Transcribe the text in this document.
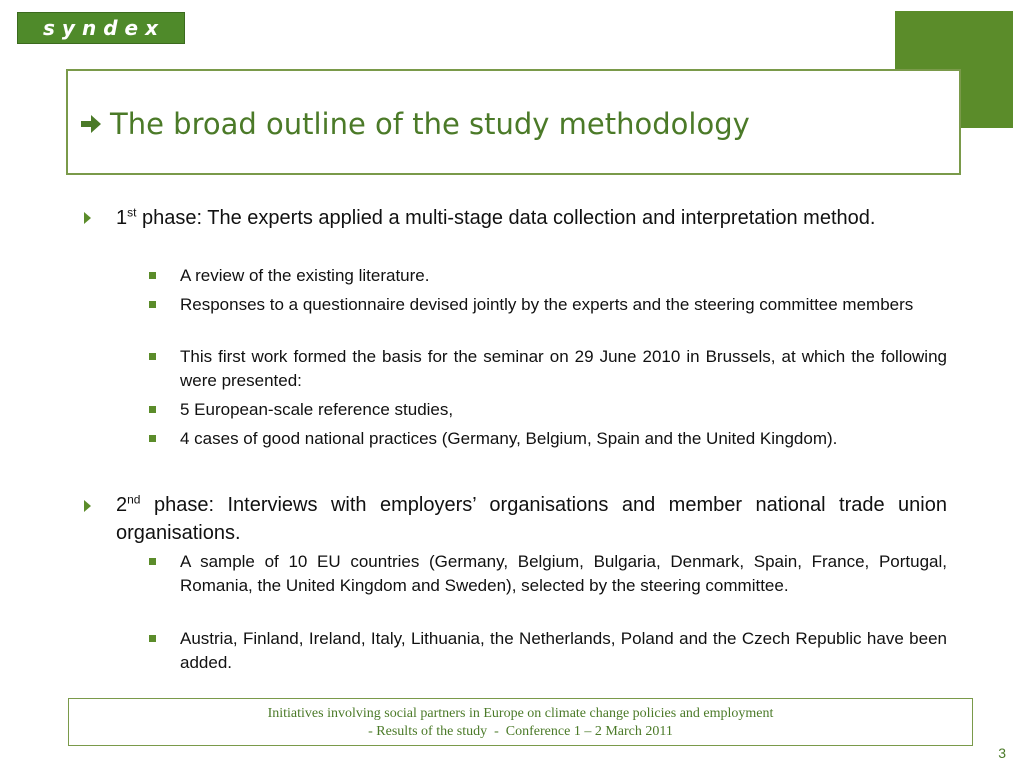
syndex
The broad outline of the study methodology
1st phase: The experts applied a multi-stage data collection and interpretation method.
A review of the existing literature.
Responses to a questionnaire devised jointly by the experts and the steering committee members
This first work formed the basis for the seminar on 29 June 2010 in Brussels, at which the following were presented:
5 European-scale reference studies,
4 cases of good national practices (Germany, Belgium, Spain and the United Kingdom).
2nd phase: Interviews with employers’ organisations and member national trade union organisations.
A sample of 10 EU countries (Germany, Belgium, Bulgaria, Denmark, Spain, France, Portugal, Romania, the United Kingdom and Sweden), selected by the steering committee.
Austria, Finland, Ireland, Italy, Lithuania, the Netherlands, Poland and the Czech Republic have been added.
Initiatives involving social partners in Europe on climate change policies and employment
- Results of the study  -  Conference 1 – 2 March 2011
3
